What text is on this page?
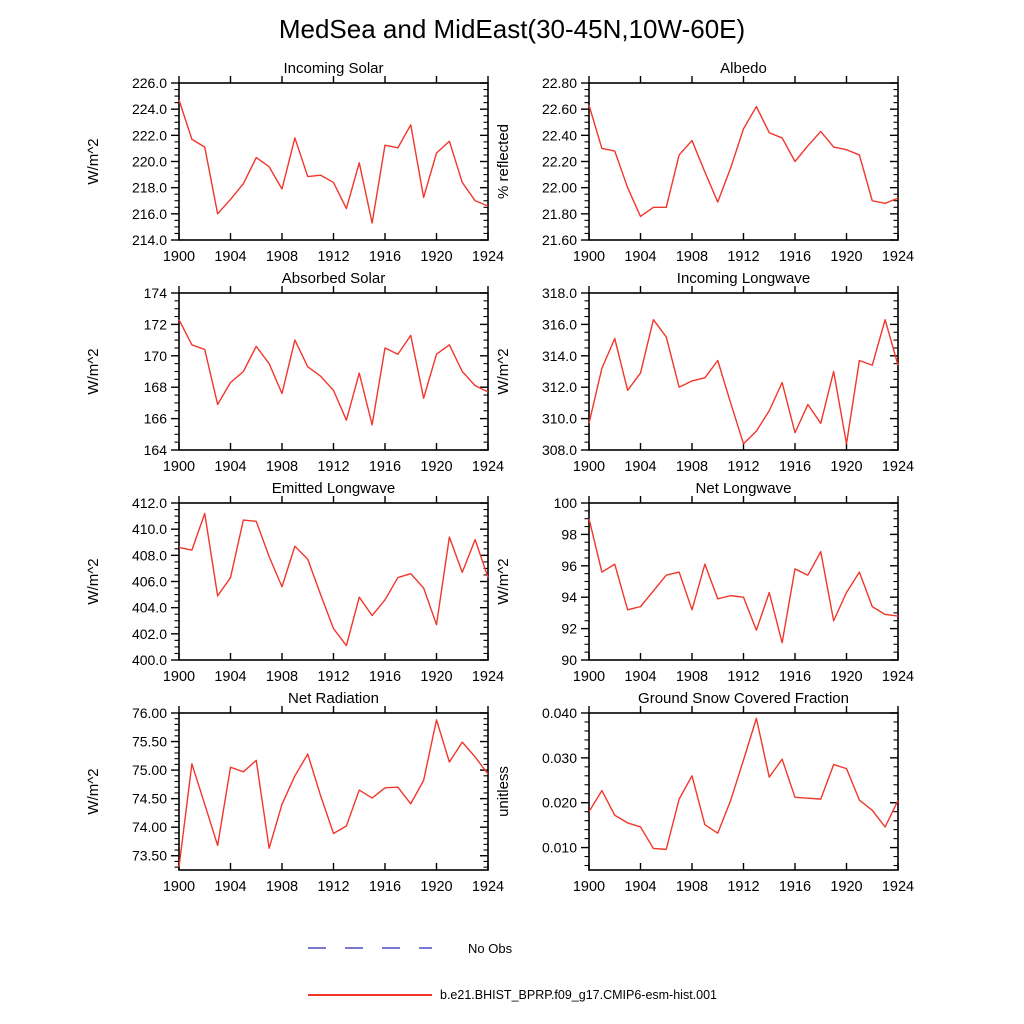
MedSea and MidEast(30-45N,10W-60E)
Incoming Solar
W/m^2
1900 1904 1908 1912 1916 1920 1924
214.0
216.0
218.0
220.0
222.0
224.0
226.0
Albedo
% reflected
1900 1904 1908 1912 1916 1920 1924
21.60
21.80
22.00
22.20
22.40
22.60
22.80
Absorbed Solar
W/m^2
1900 1904 1908 1912 1916 1920 1924
164
166
168
170
172
174
Incoming Longwave
W/m^2
1900 1904 1908 1912 1916 1920 1924
308.0
310.0
312.0
314.0
316.0
318.0
Emitted Longwave
W/m^2
1900 1904 1908 1912 1916 1920 1924
400.0
402.0
404.0
406.0
408.0
410.0
412.0
Net Longwave
W/m^2
1900 1904 1908 1912 1916 1920 1924
90
92
94
96
98
100
Net Radiation
W/m^2
1900 1904 1908 1912 1916 1920 1924
73.50
74.00
74.50
75.00
75.50
76.00
Ground Snow Covered Fraction
unitless
1900 1904 1908 1912 1916 1920 1924
0.010
0.020
0.030
0.040
No Obs
b.e21.BHIST_BPRP.f09_g17.CMIP6-esm-hist.001
